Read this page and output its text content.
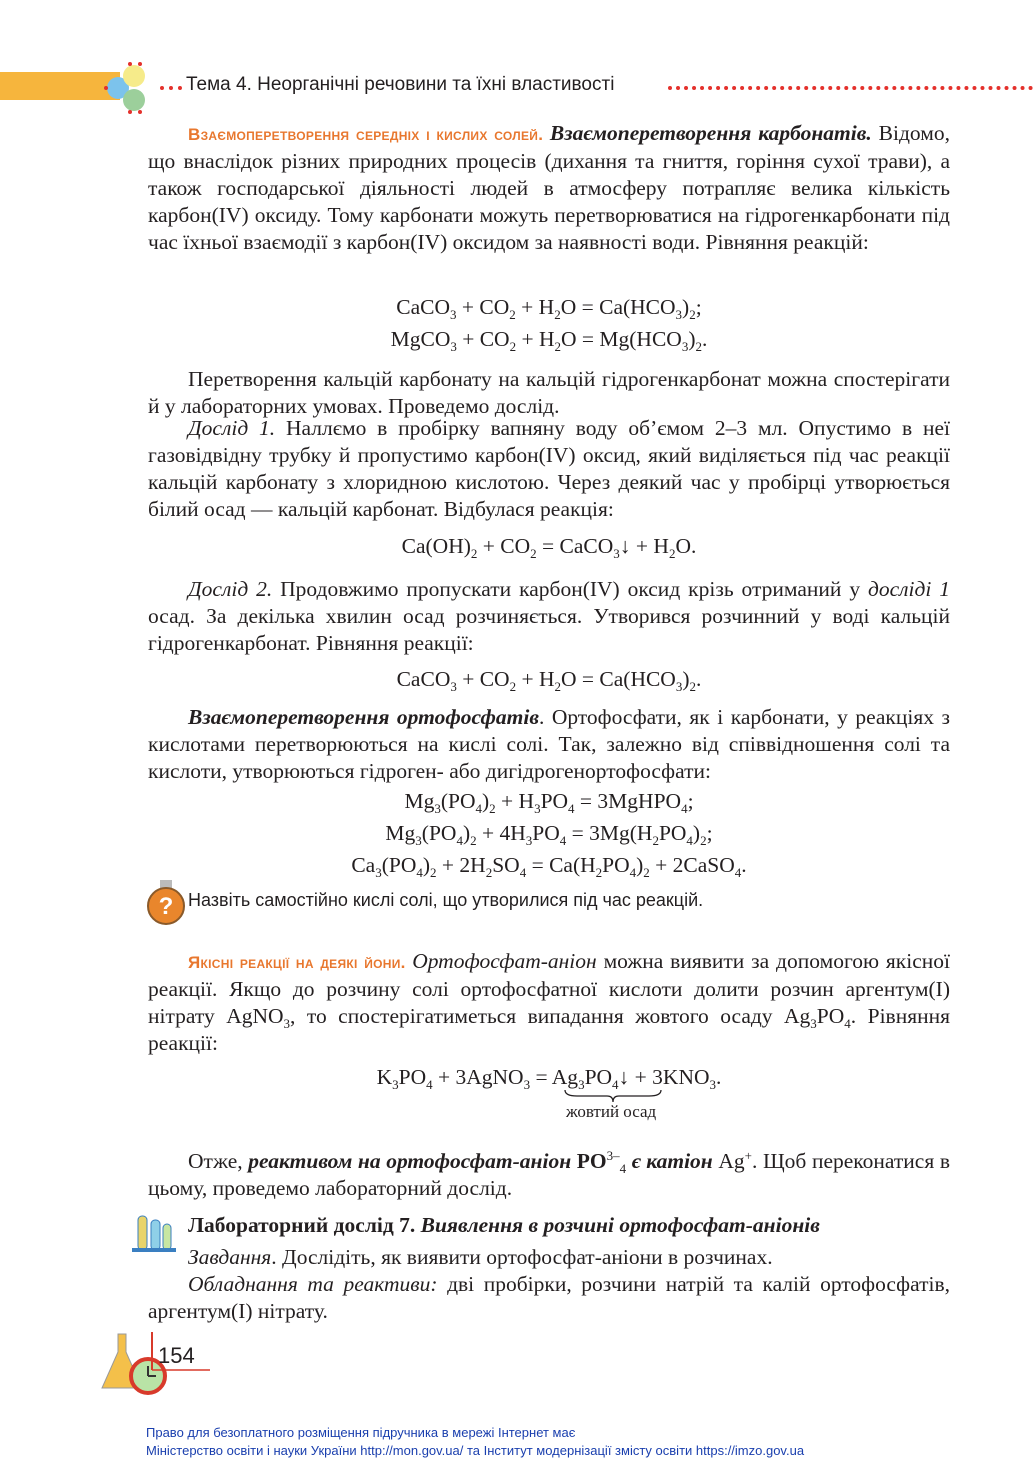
Тема 4. Неорганічні речовини та їхні властивості
Взаємоперетворення середніх і кислих солей. Взаємоперетворення карбонатів. Відомо, що внаслідок різних природних процесів (дихання та гниття, горіння сухої трави), а також господарської діяльності людей в атмосферу потрапляє велика кількість карбон(IV) оксиду. Тому карбонати можуть перетворюватися на гідрогенкарбонати під час їхньої взаємодії з карбон(IV) оксидом за наявності води. Рівняння реакцій:
CaCO$_3$ + $CO_2 + H_2O = Ca(HCO_3)_2$;
MgCO$_3$ + $CO_2 + H_2O = Mg(HCO_3)_2$.
Перетворення кальцій карбонату на кальцій гідрогенкарбонат можна спостерігати й у лабораторних умовах. Проведемо дослід.
Дослід 1. Наллємо в пробірку вапняну воду об’ємом 2–3 мл. Опустимо в неї газовідвідну трубку й пропустимо карбон(IV) оксид, який виділяється під час реакції кальцій карбонату з хлоридною кислотою. Через деякий час у пробірці утворюється білий осад — кальцій карбонат. Відбулася реакція:
$Ca(OH)_2 + CO_2$ = CaCO$_3$↓ + $H_2O$.
Дослід 2. Продовжимо пропускати карбон(IV) оксид крізь отриманий у досліді 1 осад. За декілька хвилин осад розчиняється. Утворився розчинний у воді кальцій гідрогенкарбонат. Рівняння реакції:
CaCO$_3$ + $CO_2 + H_2O = Ca(HCO_3)_2$.
Взаємоперетворення ортофосфатів. Ортофосфати, як і карбонати, у реакціях з кислотами перетворюються на кислі солі. Так, залежно від співвідношення солі та кислоти, утворюються гідроген- або дигідрогенортофосфати:
$Mg_3(PO_4)_2 + H_3PO_4$ = 3MgHPO$_4$;
$Mg_3(PO_4)_2 + 4H_3PO_4 = 3Mg(H_2PO_4)_2$;
$Ca_3(PO_4)_2 + 2H_2SO_4 = Ca(H_2PO_4)_2$ + 2CaSO$_4$.
? Назвіть самостійно кислі солі, що утворилися під час реакцій.
Якісні реакції на деякі йони. Ортофосфат-аніон можна виявити за допомогою якісної реакції. Якщо до розчину солі ортофосфатної кислоти долити розчин аргентум(I) нітрату AgNO$_3$, то спостерігатиметься випадання жовтого осаду $Ag_3PO_4$. Рівняння реакції:
$K_3PO_4$ + 3AgNO$_3$ = $Ag_3PO_4↓ + 3KNO_3$.
жовтий осад
Отже, реактивом на ортофосфат-аніон $PO^{3-}_4$ є катіон Ag+. Щоб переконатися в цьому, проведемо лабораторний дослід.
Лабораторний дослід 7. Виявлення в розчині ортофосфат-аніонів
Завдання. Дослідіть, як виявити ортофосфат-аніони в розчинах.
Обладнання та реактиви: дві пробірки, розчини натрій та калій ортофосфатів, аргентум(I) нітрату.
154
Право для безоплатного розміщення підручника в мережі Інтернет має
Міністерство освіти і науки України http://mon.gov.ua/ та Інститут модернізації змісту освіти https://imzo.gov.ua
